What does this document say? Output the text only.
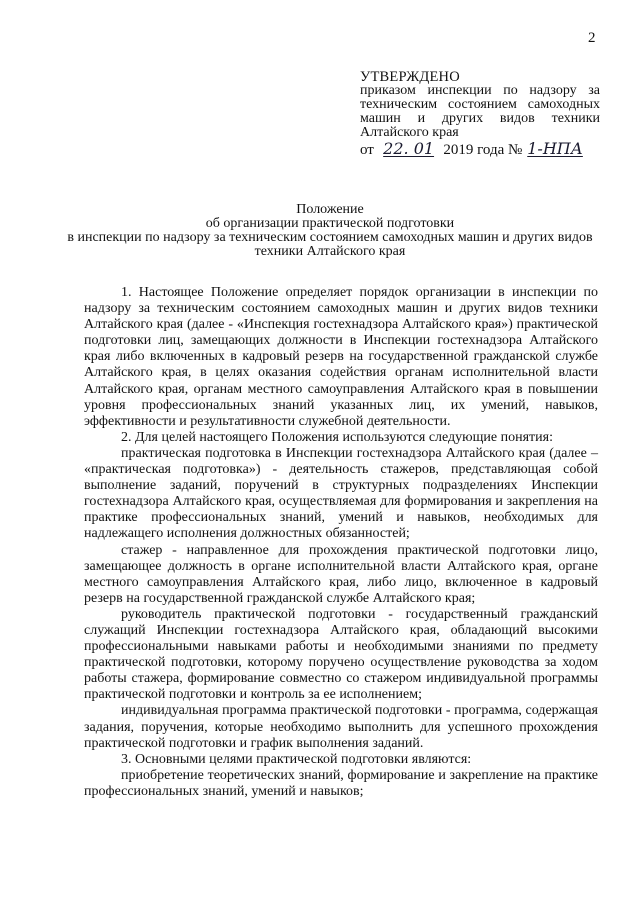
2
УТВЕРЖДЕНО
приказом инспекции по надзору за техническим состоянием самоходных машин и других видов техники Алтайского края
от 22. 01 2019 года № 1-НПА
Положение
об организации практической подготовки
в инспекции по надзору за техническим состоянием самоходных машин и других видов техники Алтайского края

1. Настоящее Положение определяет порядок организации в инспекции по надзору за техническим состоянием самоходных машин и других видов техники Алтайского края (далее - «Инспекция гостехнадзора Алтайского края») практической подготовки лиц, замещающих должности в Инспекции гостехнадзора Алтайского края либо включенных в кадровый резерв на государственной гражданской службе Алтайского края, в целях оказания содействия органам исполнительной власти Алтайского края, органам местного самоуправления Алтайского края в повышении уровня профессиональных знаний указанных лиц, их умений, навыков, эффективности и результативности служебной деятельности.

2. Для целей настоящего Положения используются следующие понятия:

практическая подготовка в Инспекции гостехнадзора Алтайского края (далее – «практическая подготовка») - деятельность стажеров, представляющая собой выполнение заданий, поручений в структурных подразделениях Инспекции гостехнадзора Алтайского края, осуществляемая для формирования и закрепления на практике профессиональных знаний, умений и навыков, необходимых для надлежащего исполнения должностных обязанностей;

стажер - направленное для прохождения практической подготовки лицо, замещающее должность в органе исполнительной власти Алтайского края, органе местного самоуправления Алтайского края, либо лицо, включенное в кадровый резерв на государственной гражданской службе Алтайского края;

руководитель практической подготовки - государственный гражданский служащий Инспекции гостехнадзора Алтайского края, обладающий высокими профессиональными навыками работы и необходимыми знаниями по предмету практической подготовки, которому поручено осуществление руководства за ходом работы стажера, формирование совместно со стажером индивидуальной программы практической подготовки и контроль за ее исполнением;

индивидуальная программа практической подготовки - программа, содержащая задания, поручения, которые необходимо выполнить для успешного прохождения практической подготовки и график выполнения заданий.

3. Основными целями практической подготовки являются:

приобретение теоретических знаний, формирование и закрепление на практике профессиональных знаний, умений и навыков;
